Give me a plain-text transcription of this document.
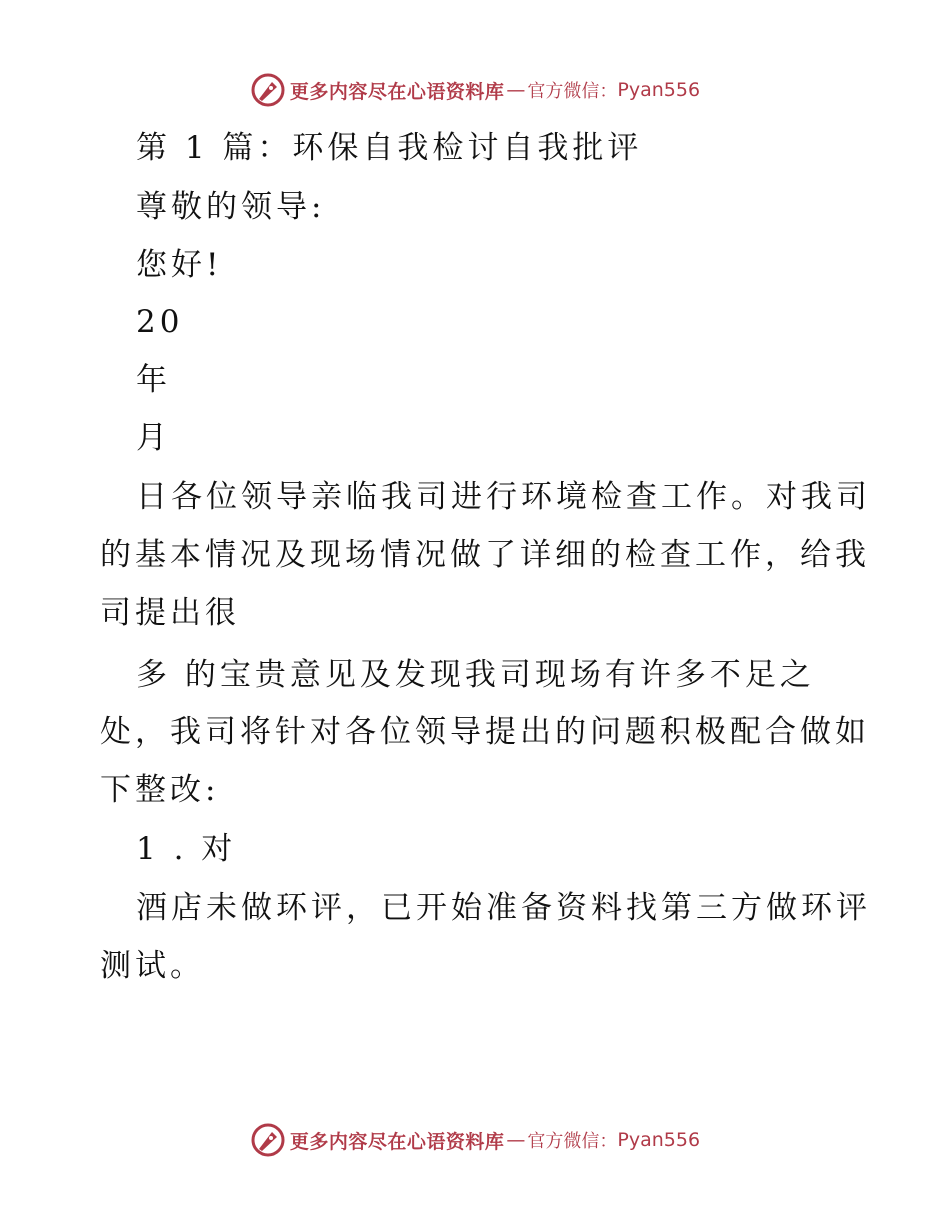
更多内容尽在心语资料库 — 官方微信： Pyan556
第 1 篇：环保自我检讨自我批评
尊敬的领导:
您好!
20
年
月
日各位领导亲临我司进行环境检查工作。对我司
的基本情况及现场情况做了详细的检查工作，给我
司提出很
多 的宝贵意见及发现我司现场有许多不足之
处，我司将针对各位领导提出的问题积极配合做如
下整改:
1 . 对
酒店未做环评，已开始准备资料找第三方做环评
测试。
更多内容尽在心语资料库 — 官方微信： Pyan556
